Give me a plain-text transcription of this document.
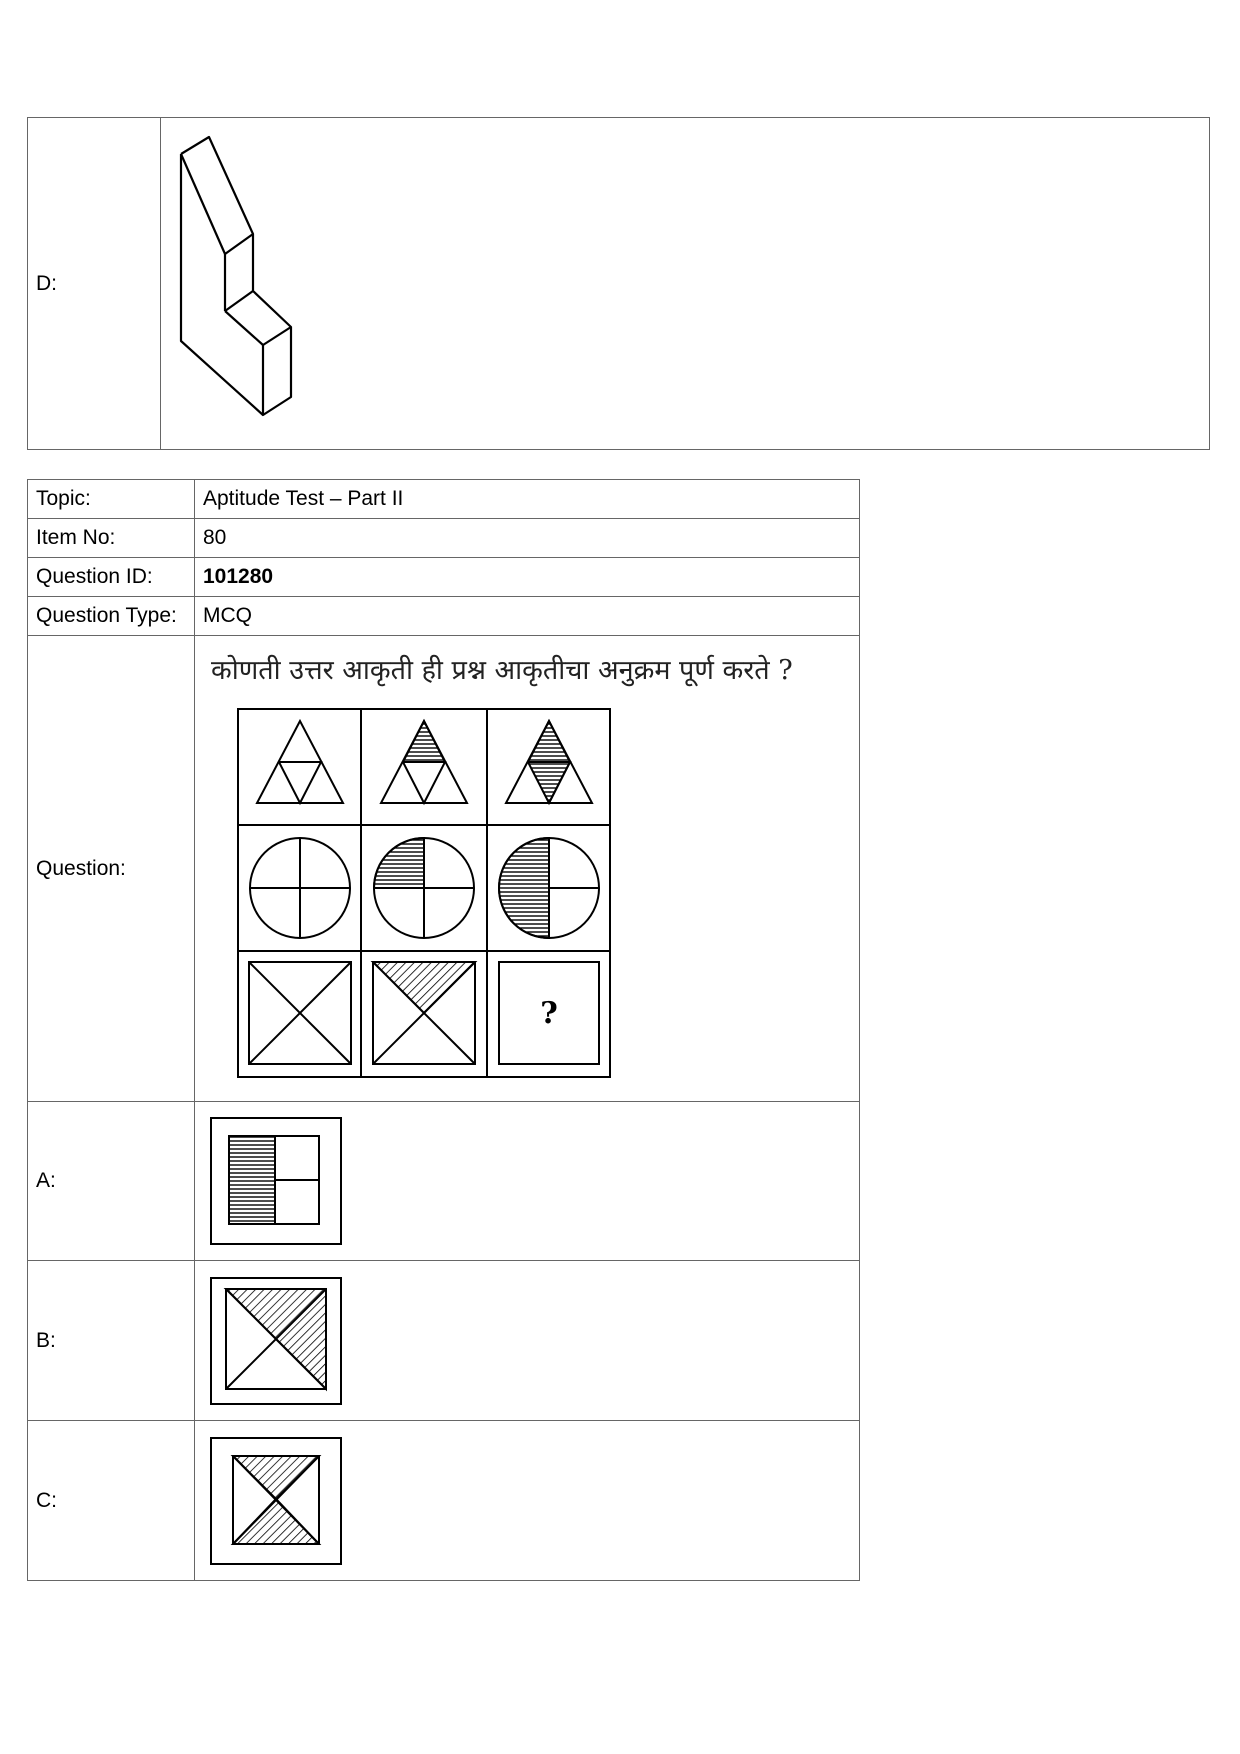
D:	
Topic:	Aptitude Test – Part II
Item No:	80
Question ID:	101280
Question Type:	MCQ
Question:	कोणती उत्तर आकृती ही प्रश्न आकृतीचा अनुक्रम पूर्ण करते ?
?

A:	

B:	

C:	
